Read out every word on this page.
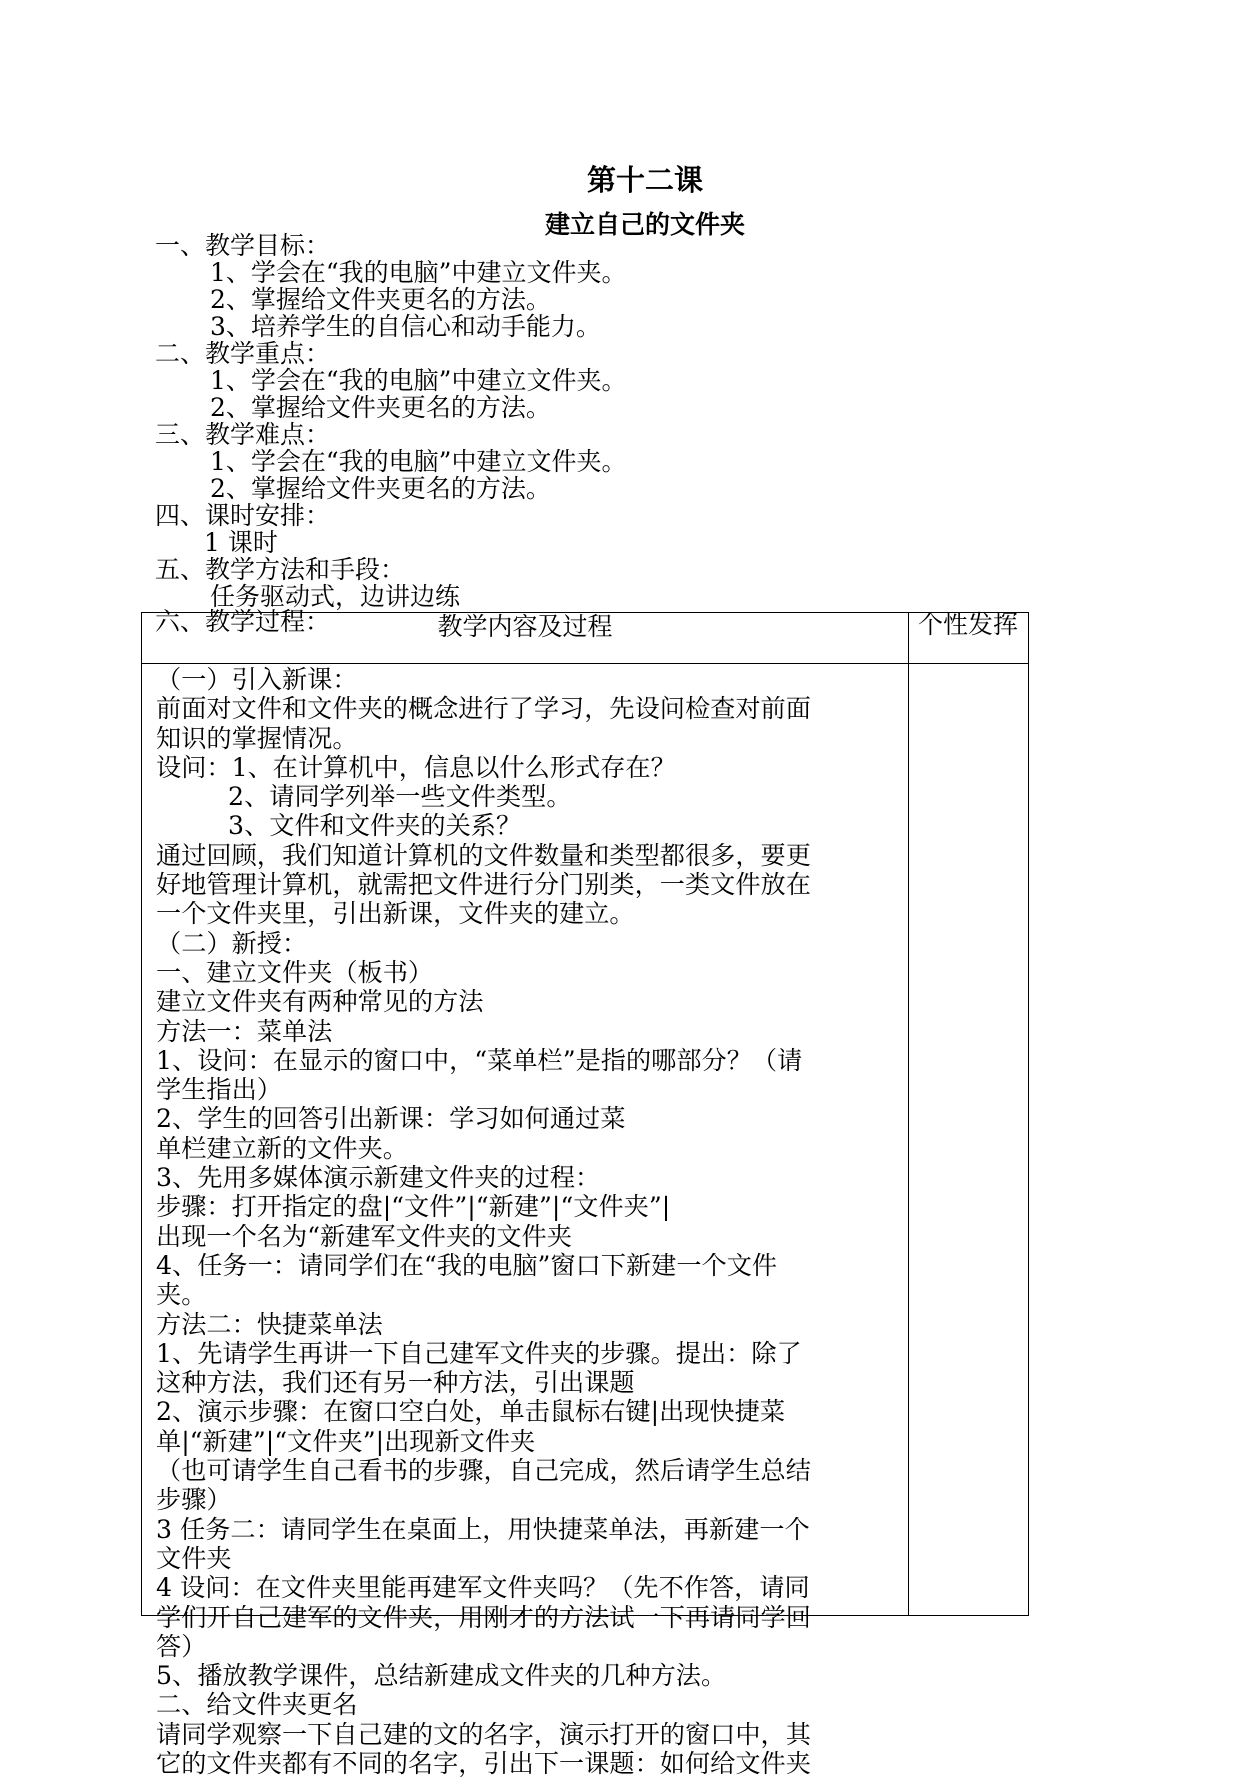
第十二课
建立自己的文件夹
一、教学目标：
1、学会在“我的电脑”中建立文件夹。
2、掌握给文件夹更名的方法。
3、培养学生的自信心和动手能力。
二、教学重点：
1、学会在“我的电脑”中建立文件夹。
2、掌握给文件夹更名的方法。
三、教学难点：
1、学会在“我的电脑”中建立文件夹。
2、掌握给文件夹更名的方法。
四、课时安排：
1 课时
五、教学方法和手段：
任务驱动式，边讲边练
六、教学过程：	教学内容及过程	个性发挥
（一）引入新课：
前面对文件和文件夹的概念进行了学习，先设问检查对前面
知识的掌握情况。
设问：1、在计算机中，信息以什么形式存在？
2、请同学列举一些文件类型。
3、文件和文件夹的关系？
通过回顾，我们知道计算机的文件数量和类型都很多，要更
好地管理计算机，就需把文件进行分门别类，一类文件放在
一个文件夹里，引出新课，文件夹的建立。
（二）新授：
一、建立文件夹（板书）
建立文件夹有两种常见的方法
方法一：菜单法
1、设问：在显示的窗口中，“菜单栏”是指的哪部分？（请
学生指出）
2、学生的回答引出新课：学习如何通过菜
单栏建立新的文件夹。
3、先用多媒体演示新建文件夹的过程：
步骤：打开指定的盘|“文件”|“新建”|“文件夹”|
出现一个名为“新建军文件夹的文件夹
4、任务一：请同学们在“我的电脑”窗口下新建一个文件
夹。
方法二：快捷菜单法
1、先请学生再讲一下自己建军文件夹的步骤。提出：除了
这种方法，我们还有另一种方法，引出课题
2、演示步骤：在窗口空白处，单击鼠标右键|出现快捷菜
单|“新建”|“文件夹”|出现新文件夹
（也可请学生自己看书的步骤，自己完成，然后请学生总结
步骤）
3 任务二：请同学生在桌面上，用快捷菜单法，再新建一个
文件夹
4 设问：在文件夹里能再建军文件夹吗？（先不作答，请同
学们开自己建军的文件夹，用刚才的方法试一下再请同学回
答）
5、播放教学课件，总结新建成文件夹的几种方法。
二、给文件夹更名
请同学观察一下自己建的文的名字，演示打开的窗口中，其
它的文件夹都有不同的名字，引出下一课题：如何给文件夹
